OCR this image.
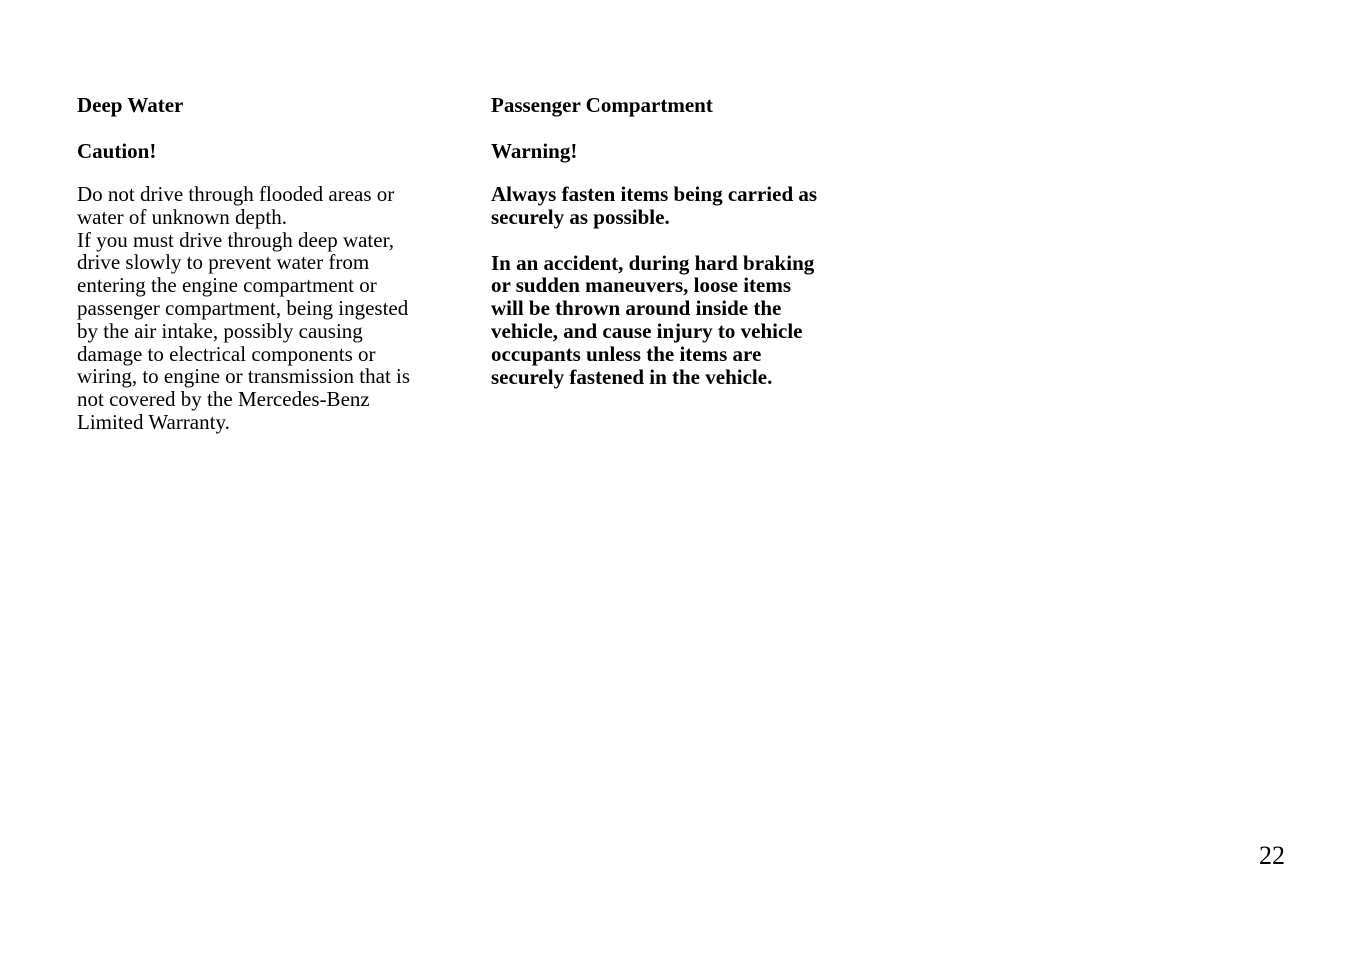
Deep Water
Caution!
Do not drive through flooded areas or
water of unknown depth.
If you must drive through deep water,
drive slowly to prevent water from
entering the engine compartment or
passenger compartment, being ingested
by the air intake, possibly causing
damage to electrical components or
wiring, to engine or transmission that is
not covered by the Mercedes-Benz
Limited Warranty.
Passenger Compartment
Warning!
Always fasten items being carried as
securely as possible.
In an accident, during hard braking
or sudden maneuvers, loose items
will be thrown around inside the
vehicle, and cause injury to vehicle
occupants unless the items are
securely fastened in the vehicle.
22
